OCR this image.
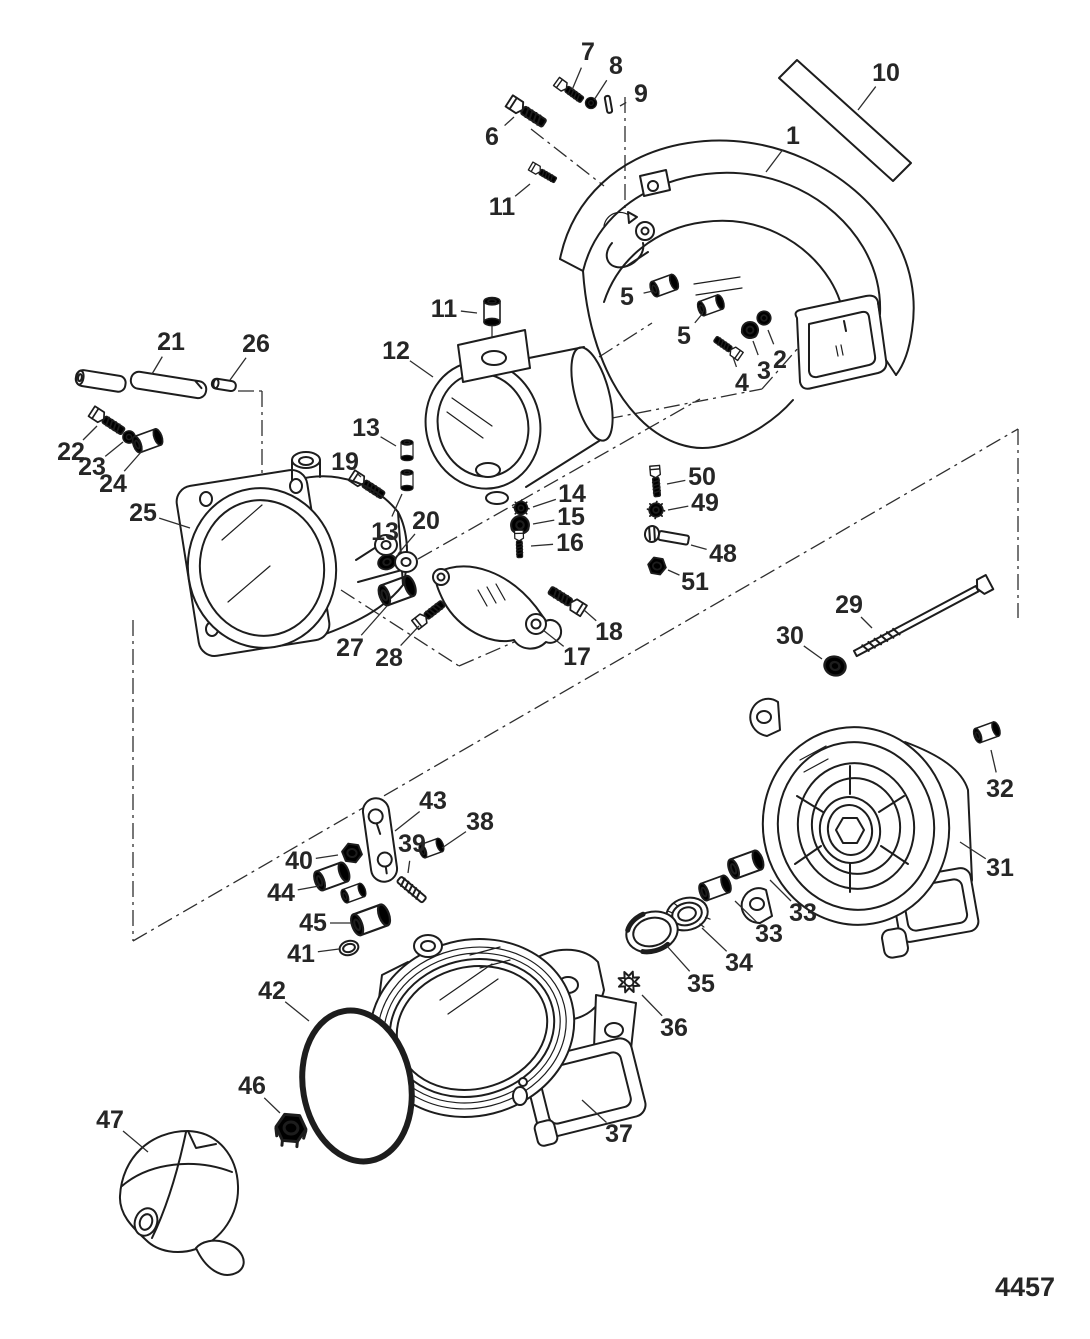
7 8
9
6
10
1
11
5
5
2
3
4
21 26
22
23
24
25
12
11
13
19
13 20
14
15
16
17
18
27 28
50
49
48
51
29
30
32
31
33
33
34
35
36
43
38
39
40
44
45
41
42
37
46
47
4457
